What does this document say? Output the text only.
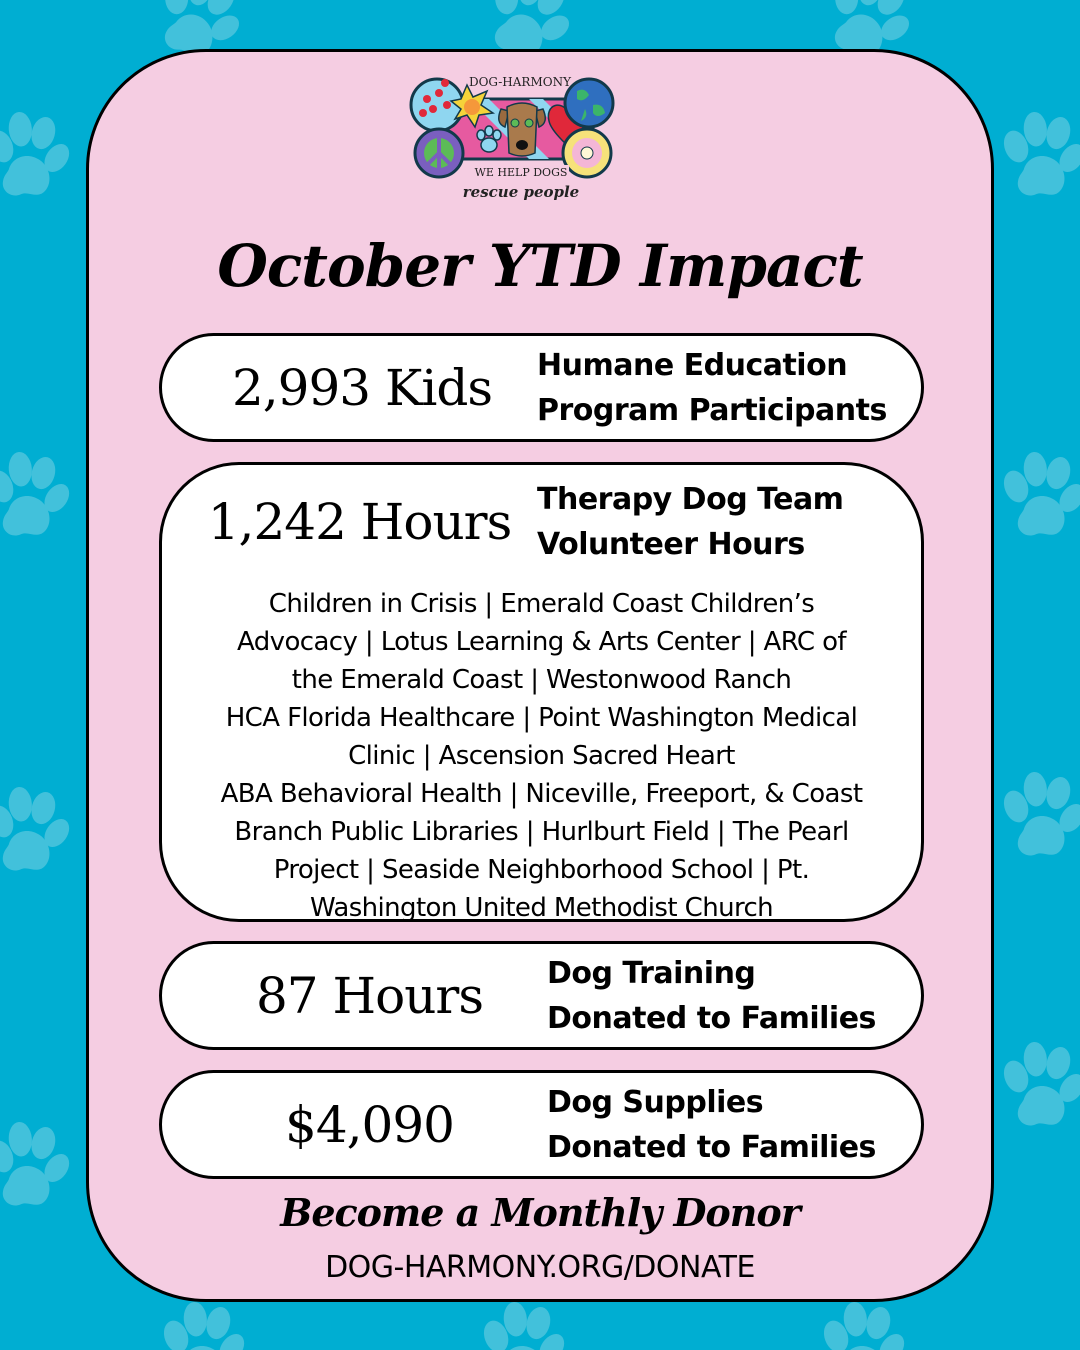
DOG-HARMONY
WE HELP DOGS
rescue people
October YTD Impact
2,993 Kids	Humane Education
Program Participants
1,242 Hours Therapy Dog Team
Volunteer Hours
Children in Crisis | Emerald Coast Children’s
Advocacy | Lotus Learning & Arts Center | ARC of
the Emerald Coast | Westonwood Ranch
HCA Florida Healthcare | Point Washington Medical
Clinic | Ascension Sacred Heart
ABA Behavioral Health | Niceville, Freeport, & Coast
Branch Public Libraries | Hurlburt Field | The Pearl
Project | Seaside Neighborhood School | Pt.
Washington United Methodist Church
87 Hours	Dog Training
Donated to Families
$4,090	Dog Supplies
Donated to Families
Become a Monthly Donor
DOG-HARMONY.ORG/DONATE
